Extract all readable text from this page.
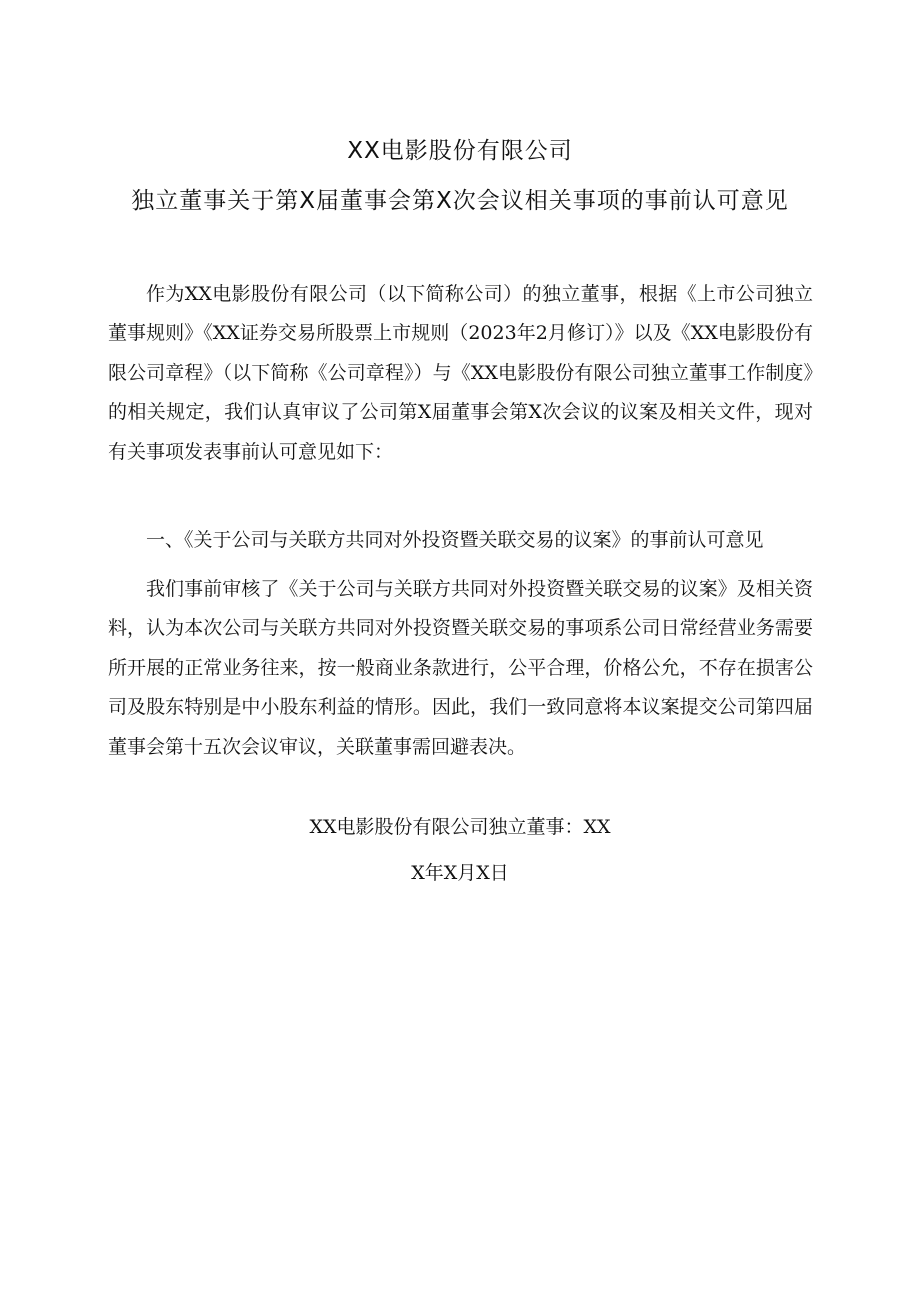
XX电影股份有限公司
独立董事关于第X届董事会第X次会议相关事项的事前认可意见

作为XX电影股份有限公司（以下简称公司）的独立董事，根据《上市公司独立董事规则》《XX证券交易所股票上市规则（2023年2月修订）》以及《XX电影股份有限公司章程》（以下简称《公司章程》）与《XX电影股份有限公司独立董事工作制度》的相关规定，我们认真审议了公司第X届董事会第X次会议的议案及相关文件，现对有关事项发表事前认可意见如下：

一、《关于公司与关联方共同对外投资暨关联交易的议案》的事前认可意见

我们事前审核了《关于公司与关联方共同对外投资暨关联交易的议案》及相关资料，认为本次公司与关联方共同对外投资暨关联交易的事项系公司日常经营业务需要所开展的正常业务往来，按一般商业条款进行，公平合理，价格公允，不存在损害公司及股东特别是中小股东利益的情形。因此，我们一致同意将本议案提交公司第四届董事会第十五次会议审议，关联董事需回避表决。

XX电影股份有限公司独立董事：XX
X年X月X日
